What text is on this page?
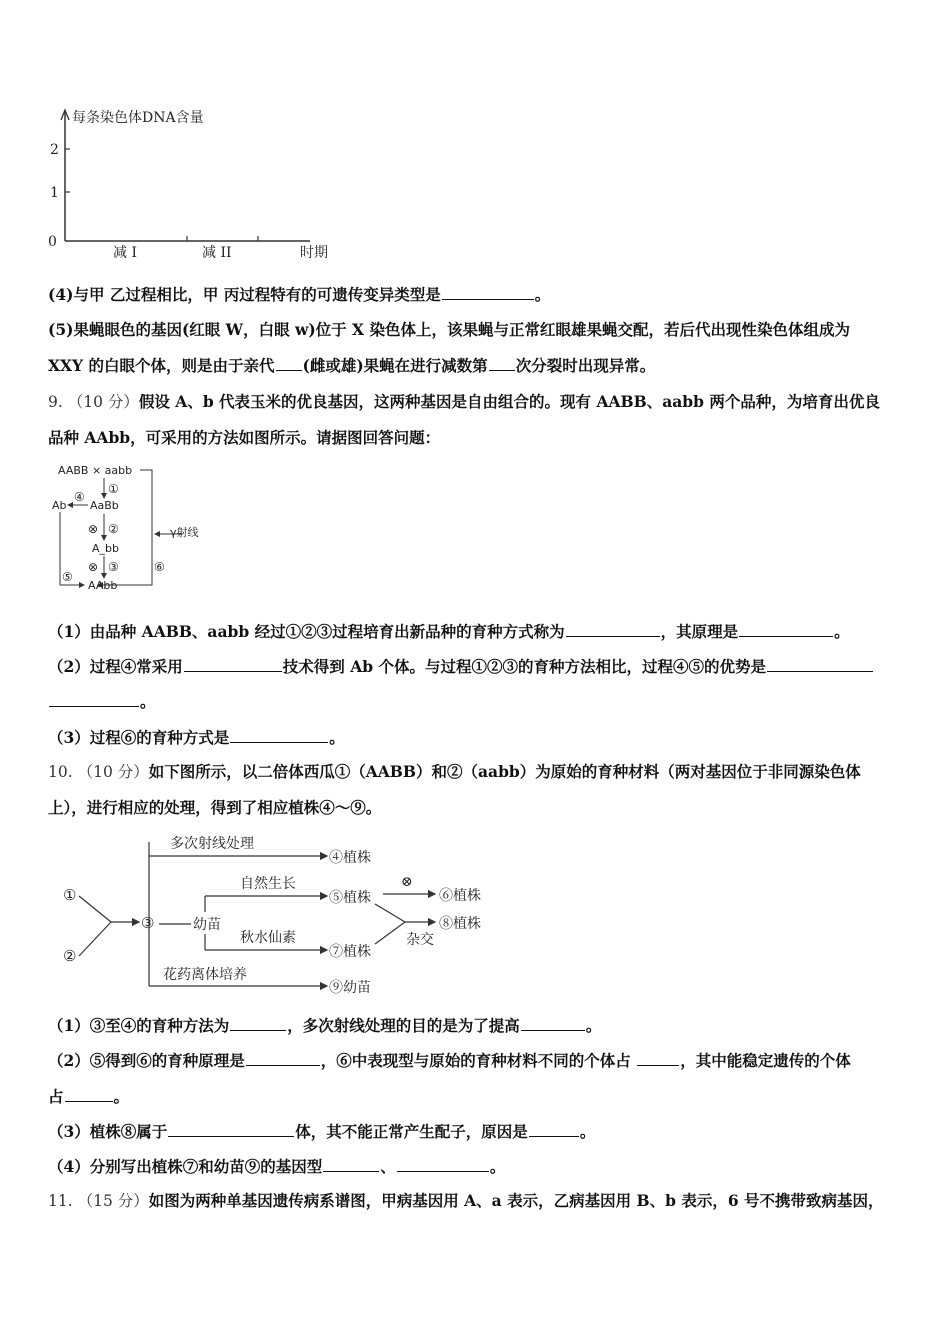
每条染色体DNA含量
0
1
2
减 I	减 II	时期
(4)与甲 乙过程相比，甲 丙过程特有的可遗传变异类型是	。
(5)果蝇眼色的基因(红眼 W，白眼 w)位于 X 染色体上，该果蝇与正常红眼雄果蝇交配，若后代出现性染色体组成为
XXY 的白眼个体，则是由于亲代 (雌或雄)果蝇在进行减数第 次分裂时出现异常。
9. （10 分）假设 A、b 代表玉米的优良基因，这两种基因是自由组合的。现有 AABB、aabb 两个品种，为培育出优良
品种 AAbb，可采用的方法如图所示。请据图回答问题：
AABB × aabb
γ射线
⑥
①
AaBb
Ab
④
⑤
⊗ ②
A_bb
⊗ ③
AAbb
（1）由品种 AABB、aabb 经过①②③过程培育出新品种的育种方式称为	，其原理是	。
（2）过程④常采用	技术得到 Ab 个体。与过程①②③的育种方法相比，过程④⑤的优势是
。
（3）过程⑥的育种方式是	。
10. （10 分）如下图所示，以二倍体西瓜①（AABB）和②（aabb）为原始的育种材料（两对基因位于非同源染色体
上），进行相应的处理，得到了相应植株④～⑨。
①
②
③
多次射线处理
④植株
幼苗
自然生长
⑤植株
秋水仙素
⑦植株
⊗
⑥植株
杂交
⑧植株
花药离体培养
⑨幼苗
（1）③至④的育种方法为	，多次射线处理的目的是为了提高	。
（2）⑤得到⑥的育种原理是	，⑥中表现型与原始的育种材料不同的个体占	，其中能稳定遗传的个体
占	。
（3）植株⑧属于	体，其不能正常产生配子，原因是	。
（4）分别写出植株⑦和幼苗⑨的基因型	、	。
11. （15 分）如图为两种单基因遗传病系谱图，甲病基因用 A、a 表示，乙病基因用 B、b 表示，6 号不携带致病基因，
